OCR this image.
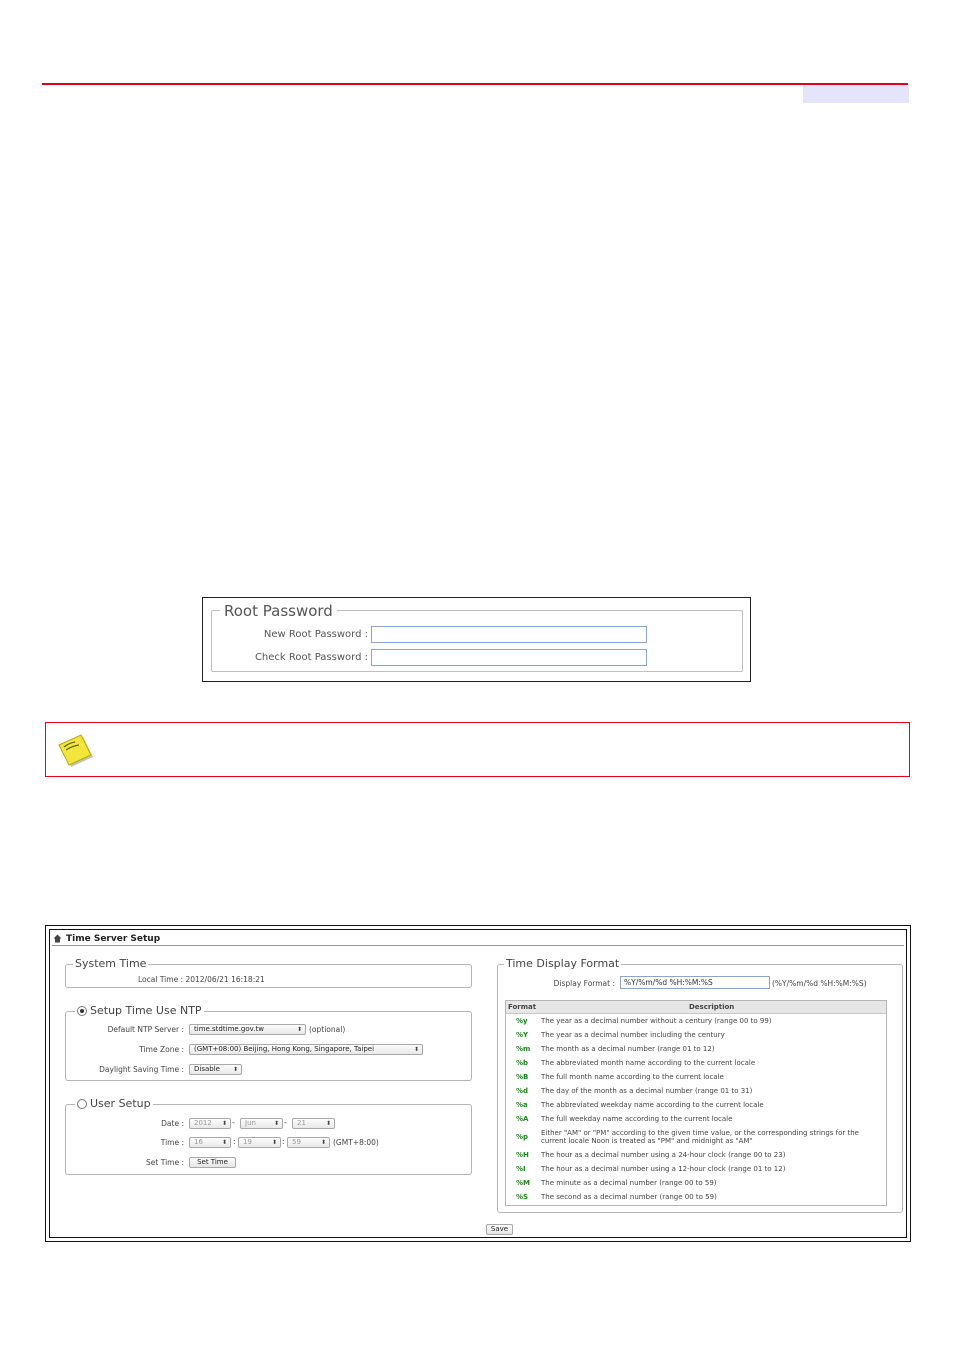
Root Password
New Root Password :
Check Root Password :
Time Server Setup
System Time
Local Time : 2012/06/21 16:18:21
Setup Time Use NTP
Default NTP Server :	time.stdtime.gov.tw	⬍ (optional)
Time Zone :	(GMT+08:00) Beijing, Hong Kong, Singapore, Taipei	⬍
Daylight Saving Time :	Disable ⬍
User Setup
Date :	2012 ⬍ -	Jun	⬍ -	21	⬍
Time :	16	⬍ :	19	⬍ :	59	⬍ (GMT+8:00)
Set Time :	Set Time
Time Display Format
Display Format :
%Y/%m/%d %H:%M:%S	(%Y/%m/%d %H:%M:%S)
Format	Description
%y The year as a decimal number without a century (range 00 to 99)
%Y The year as a decimal number including the century
%m The month as a decimal number (range 01 to 12)
%b The abbreviated month name according to the current locale
%B The full month name according to the current locale
%d The day of the month as a decimal number (range 01 to 31)
%a The abbreviated weekday name according to the current locale
%A The full weekday name according to the current locale
%p Either "AM" or "PM" according to the given time value, or the corresponding strings for the current locale Noon is treated as "PM" and midnight as "AM"
%H The hour as a decimal number using a 24-hour clock (range 00 to 23)
%I The hour as a decimal number using a 12-hour clock (range 01 to 12)
%M The minute as a decimal number (range 00 to 59)
%S The second as a decimal number (range 00 to 59)
Save
